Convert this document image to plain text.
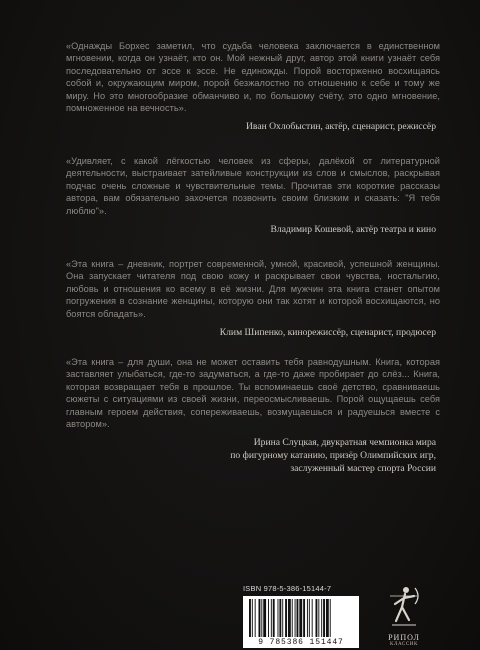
«Однажды Борхес заметил, что судьба человека заключается в единственном мгновении, когда он узнаёт, кто он. Мой нежный друг, автор этой книги узнаёт себя последовательно от эссе к эссе. Не единожды. Порой восторженно восхищаясь собой и, окружающим миром, порой безжалостно по отношению к себе и тому же миру. Но это многообразие обманчиво и, по большому счёту, это одно мгновение, помноженное на вечность».

Иван Охлобыстин, актёр, сценарист, режиссёр

«Удивляет, с какой лёгкостью человек из сферы, далёкой от литературной деятельности, выстраивает затейливые конструкции из слов и смыслов, раскрывая подчас очень сложные и чувствительные темы. Прочитав эти короткие рассказы автора, вам обязательно захочется позвонить своим близким и сказать: "Я тебя люблю"».

Владимир Кошевой, актёр театра и кино

«Эта книга – дневник, портрет современной, умной, красивой, успешной женщины. Она запускает читателя под свою кожу и раскрывает свои чувства, ностальгию, любовь и отношения ко всему в её жизни. Для мужчин эта книга станет опытом погружения в сознание женщины, которую они так хотят и которой восхищаются, но боятся обладать».

Клим Шипенко, кинорежиссёр, сценарист, продюсер

«Эта книга – для души, она не может оставить тебя равнодушным. Книга, которая заставляет улыбаться, где-то задуматься, а где-то даже пробирает до слёз... Книга, которая возвращает тебя в прошлое. Ты вспоминаешь своё детство, сравниваешь сюжеты с ситуациями из своей жизни, переосмысливаешь. Порой ощущаешь себя главным героем действия, сопереживаешь, возмущаешься и радуешься вместе с автором».

Ирина Слуцкая, двукратная чемпионка мира
по фигурному катанию, призёр Олимпийских игр,
заслуженный мастер спорта России
ISBN 978-5-386-15144-7
9 785386 151447
РИПОЛ
КЛАССИК
